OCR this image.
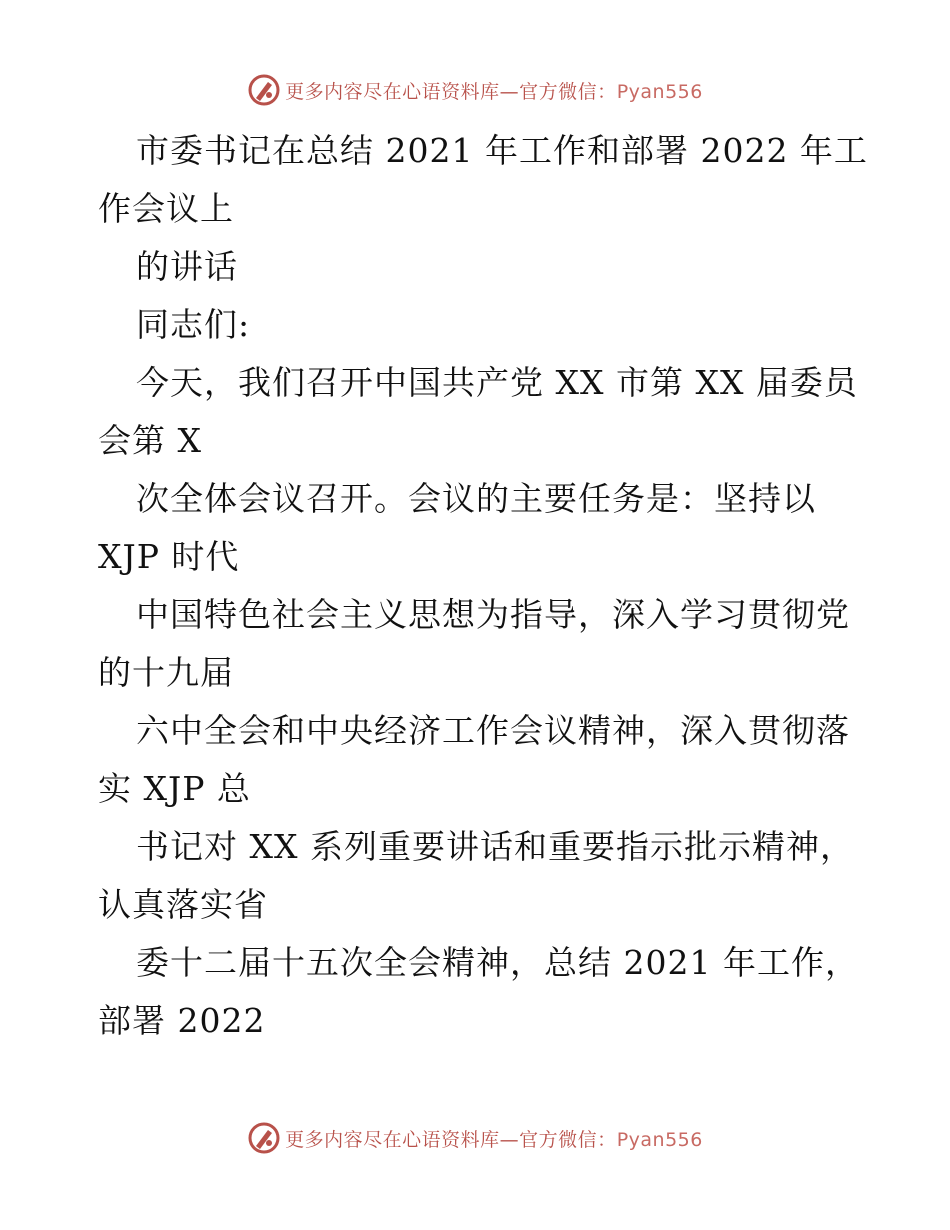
更多内容尽在心语资料库—官方微信：Pyan556

市委书记在总结 2021 年工作和部署 2022 年工

作会议上

的讲话

同志们:

今天，我们召开中国共产党 XX 市第 XX 届委员

会第 X

次全体会议召开。会议的主要任务是：坚持以

XJP 时代

中国特色社会主义思想为指导，深入学习贯彻党

的十九届

六中全会和中央经济工作会议精神，深入贯彻落

实 XJP 总

书记对 XX 系列重要讲话和重要指示批示精神，

认真落实省

委十二届十五次全会精神，总结 2021 年工作，

部署 2022

更多内容尽在心语资料库—官方微信：Pyan556
